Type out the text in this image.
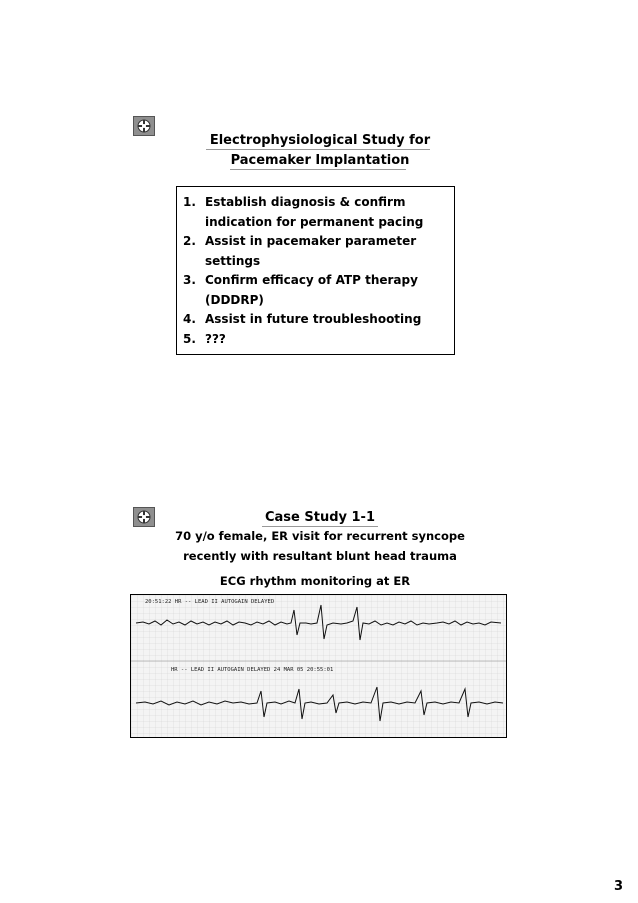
Electrophysiological Study for
Pacemaker Implantation
1. Establish diagnosis & confirm
indication for permanent pacing
2. Assist in pacemaker parameter
settings
3. Confirm efficacy of ATP therapy
(DDDRP)
4. Assist in future troubleshooting
5. ???
Case Study 1-1
70 y/o female, ER visit for recurrent syncope
recently with resultant blunt head trauma
ECG rhythm monitoring at ER
20:51:22 HR -- LEAD II AUTOGAIN DELAYED
HR -- LEAD II AUTOGAIN DELAYED 24 MAR 05 20:55:01
3
